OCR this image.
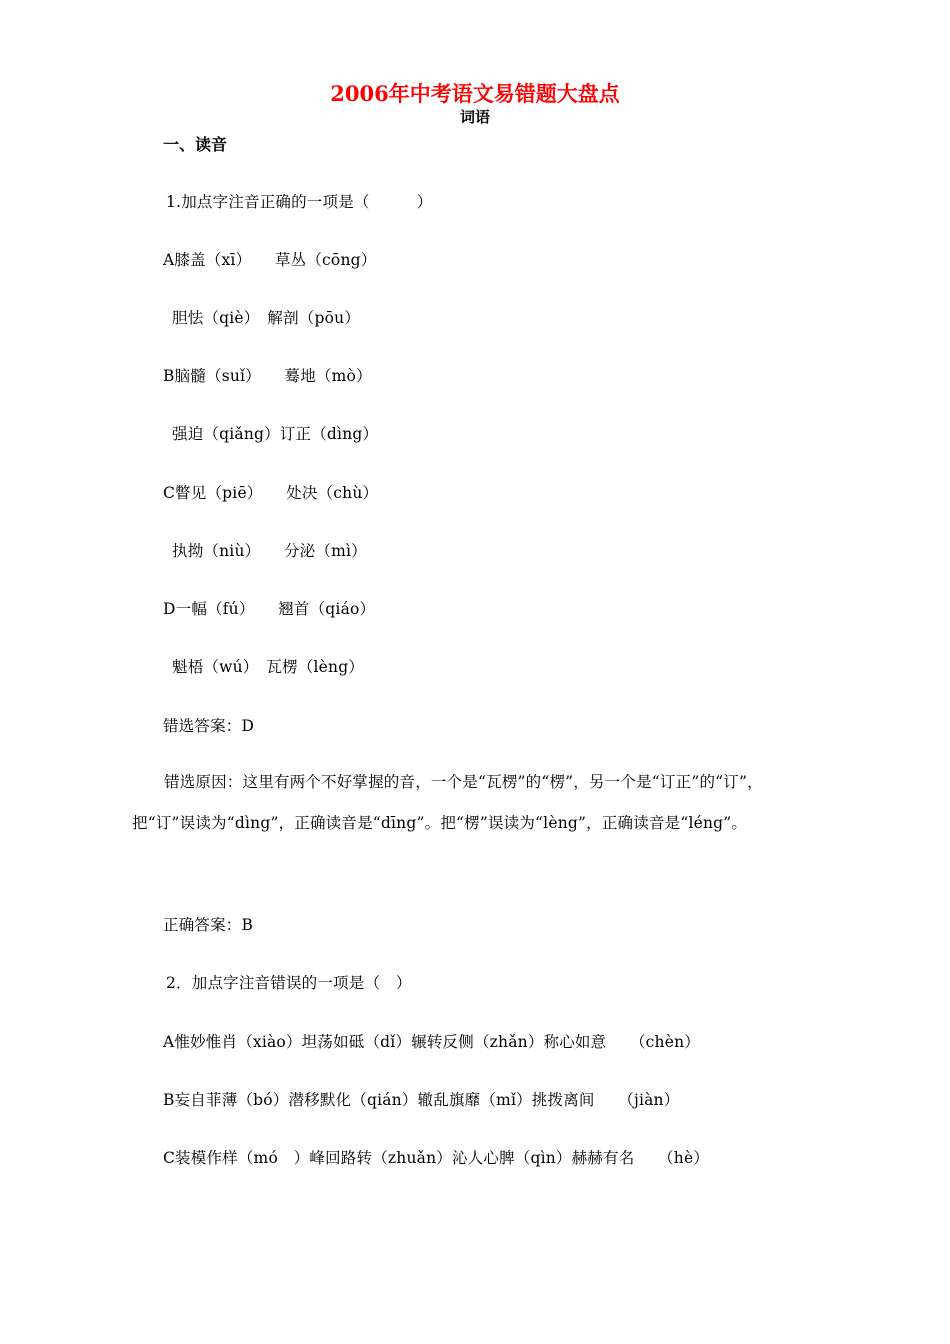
2006年中考语文易错题大盘点
词语
一、读音
1.加点字注音正确的一项是（　　　）
A膝盖（xī）　　草丛（cōng）
胆怯（qiè）　解剖（pōu）
B脑髓（suǐ）　　蓦地（mò）
强迫（qiǎng）订正（dìng）
C瞥见（piē）　　处决（chù）
执拗（niù）　　分泌（mì）
D一幅（fú）　　翘首（qiáo）
魁梧（wú）　瓦楞（lèng）
错选答案：D
错选原因：这里有两个不好掌握的音，一个是“瓦楞”的“楞”，另一个是“订正”的“订”，把“订”误读为“dìng”，正确读音是“dīng”。把“楞”误读为“lèng”，正确读音是“léng”。
正确答案：B
2．加点字注音错误的一项是（　）
A惟妙惟肖（xiào）坦荡如砥（dǐ）辗转反侧（zhǎn）称心如意　　（chèn）
B妄自菲薄（bó）潜移默化（qián）辙乱旗靡（mǐ）挑拨离间　　（jiàn）
C装模作样（mó　）峰回路转（zhuǎn）沁人心脾（qìn）赫赫有名　　（hè）
